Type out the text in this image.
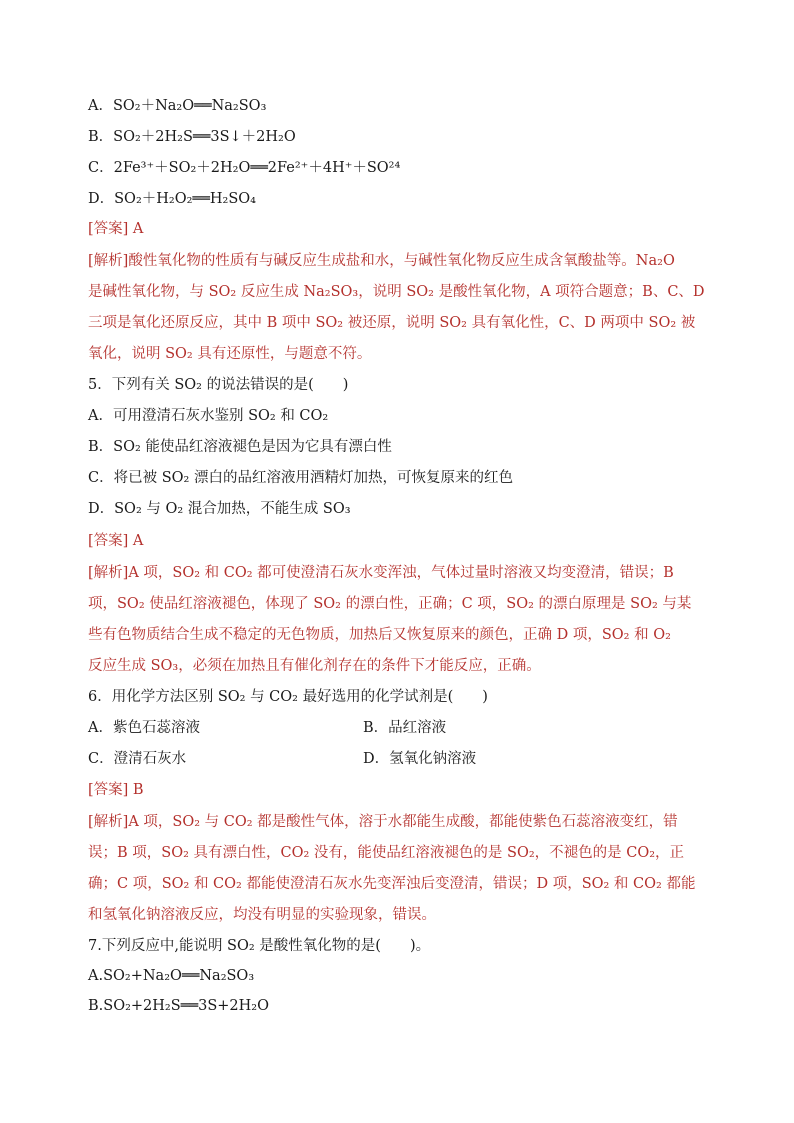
A．SO₂＋Na₂O══Na₂SO₃
B．SO₂＋2H₂S══3S↓＋2H₂O
C．2Fe³⁺＋SO₂＋2H₂O══2Fe²⁺＋4H⁺＋SO²⁴
D．SO₂＋H₂O₂══H₂SO₄
[答案] A
[解析]酸性氧化物的性质有与碱反应生成盐和水，与碱性氧化物反应生成含氧酸盐等。Na₂O
是碱性氧化物，与 SO₂ 反应生成 Na₂SO₃，说明 SO₂ 是酸性氧化物，A 项符合题意；B、C、D
三项是氧化还原反应，其中 B 项中 SO₂ 被还原，说明 SO₂ 具有氧化性，C、D 两项中 SO₂ 被
氧化，说明 SO₂ 具有还原性，与题意不符。
5．下列有关 SO₂ 的说法错误的是(　　)
A．可用澄清石灰水鉴别 SO₂ 和 CO₂
B．SO₂ 能使品红溶液褪色是因为它具有漂白性
C．将已被 SO₂ 漂白的品红溶液用酒精灯加热，可恢复原来的红色
D．SO₂ 与 O₂ 混合加热，不能生成 SO₃
[答案] A
[解析]A 项，SO₂ 和 CO₂ 都可使澄清石灰水变浑浊，气体过量时溶液又均变澄清，错误；B
项，SO₂ 使品红溶液褪色，体现了 SO₂ 的漂白性，正确；C 项，SO₂ 的漂白原理是 SO₂ 与某
些有色物质结合生成不稳定的无色物质，加热后又恢复原来的颜色，正确 D 项，SO₂ 和 O₂
反应生成 SO₃，必须在加热且有催化剂存在的条件下才能反应，正确。
6．用化学方法区别 SO₂ 与 CO₂ 最好选用的化学试剂是(　　)
A．紫色石蕊溶液	B．品红溶液
C．澄清石灰水	D．氢氧化钠溶液
[答案] B
[解析]A 项，SO₂ 与 CO₂ 都是酸性气体，溶于水都能生成酸，都能使紫色石蕊溶液变红，错
误；B 项，SO₂ 具有漂白性，CO₂ 没有，能使品红溶液褪色的是 SO₂，不褪色的是 CO₂，正
确；C 项，SO₂ 和 CO₂ 都能使澄清石灰水先变浑浊后变澄清，错误；D 项，SO₂ 和 CO₂ 都能
和氢氧化钠溶液反应，均没有明显的实验现象，错误。
7.下列反应中,能说明 SO₂ 是酸性氧化物的是(　　)。
A.SO₂+Na₂O══Na₂SO₃
B.SO₂+2H₂S══3S+2H₂O
